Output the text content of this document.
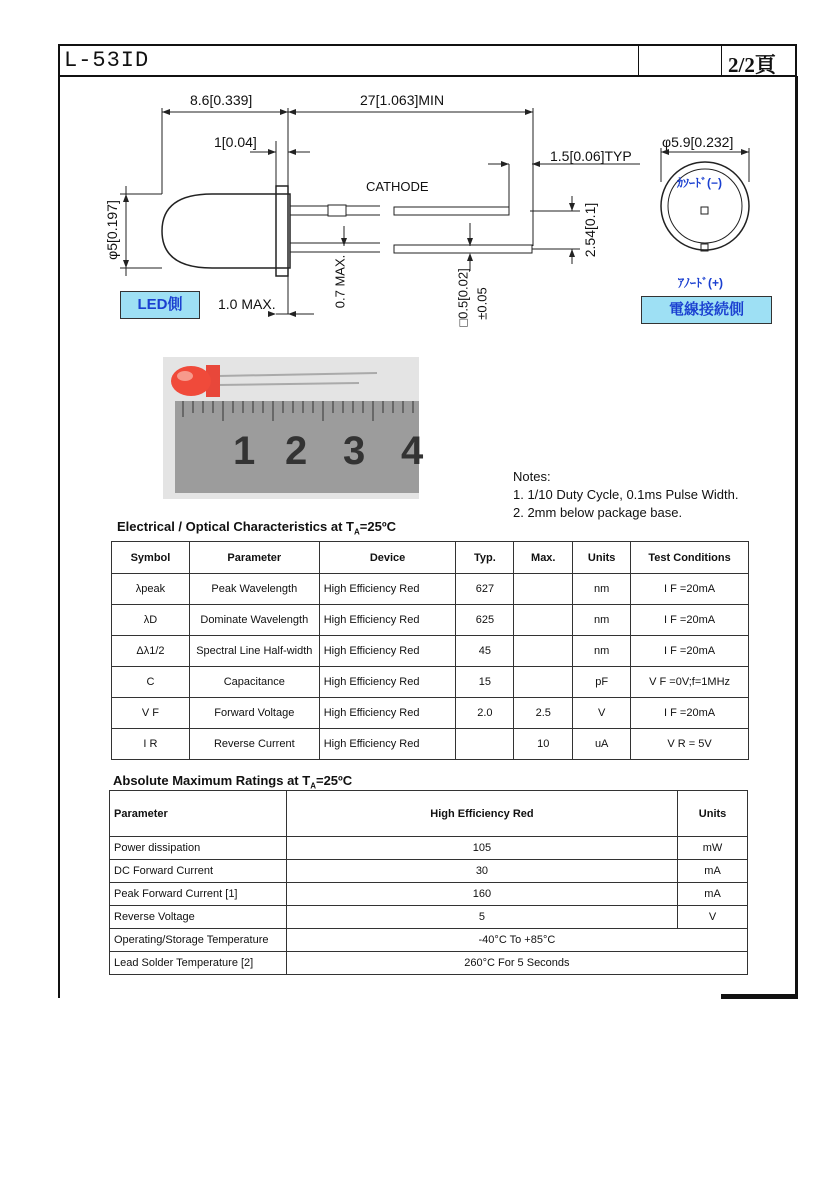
L-53ID	2/2頁
8.6[0.339]	27[1.063]MIN
1[0.04]
1.5[0.06]TYP
φ5.9[0.232]
CATHODE
φ5[0.197]	2.54[0.1]
0.7 MAX.	□0.5[0.02] ±0.05
1.0 MAX.
LED側	電線接続側
ｶｿｰﾄﾞ(−)
ｱﾉｰﾄﾞ(+)
1 2 3 4
Notes:
1. 1/10 Duty Cycle, 0.1ms Pulse Width.
2. 2mm below package base.
Electrical / Optical Characteristics at $T_A=25ºC$
Symbol	Parameter	Device	Typ.	Max.	Units	Test Conditions
λpeak	Peak Wavelength	High Efficiency Red	627		nm	I F =20mA
λD	Dominate Wavelength	High Efficiency Red	625		nm	I F =20mA
Δλ1/2	Spectral Line Half-width	High Efficiency Red	45		nm	I F =20mA
C	Capacitance	High Efficiency Red	15		pF	V F =0V;f=1MHz
V F	Forward Voltage	High Efficiency Red	2.0	2.5	V	I F =20mA
I R	Reverse Current	High Efficiency Red		10	uA	V R = 5V
Absolute Maximum Ratings at $T_A=25ºC$
Parameter	High Efficiency Red	Units
Power dissipation	105	mW
DC Forward Current	30	mA
Peak Forward Current [1]	160	mA
Reverse Voltage	5	V
Operating/Storage Temperature	-40°C To +85°C	
Lead Solder Temperature [2]	260°C For 5 Seconds	
